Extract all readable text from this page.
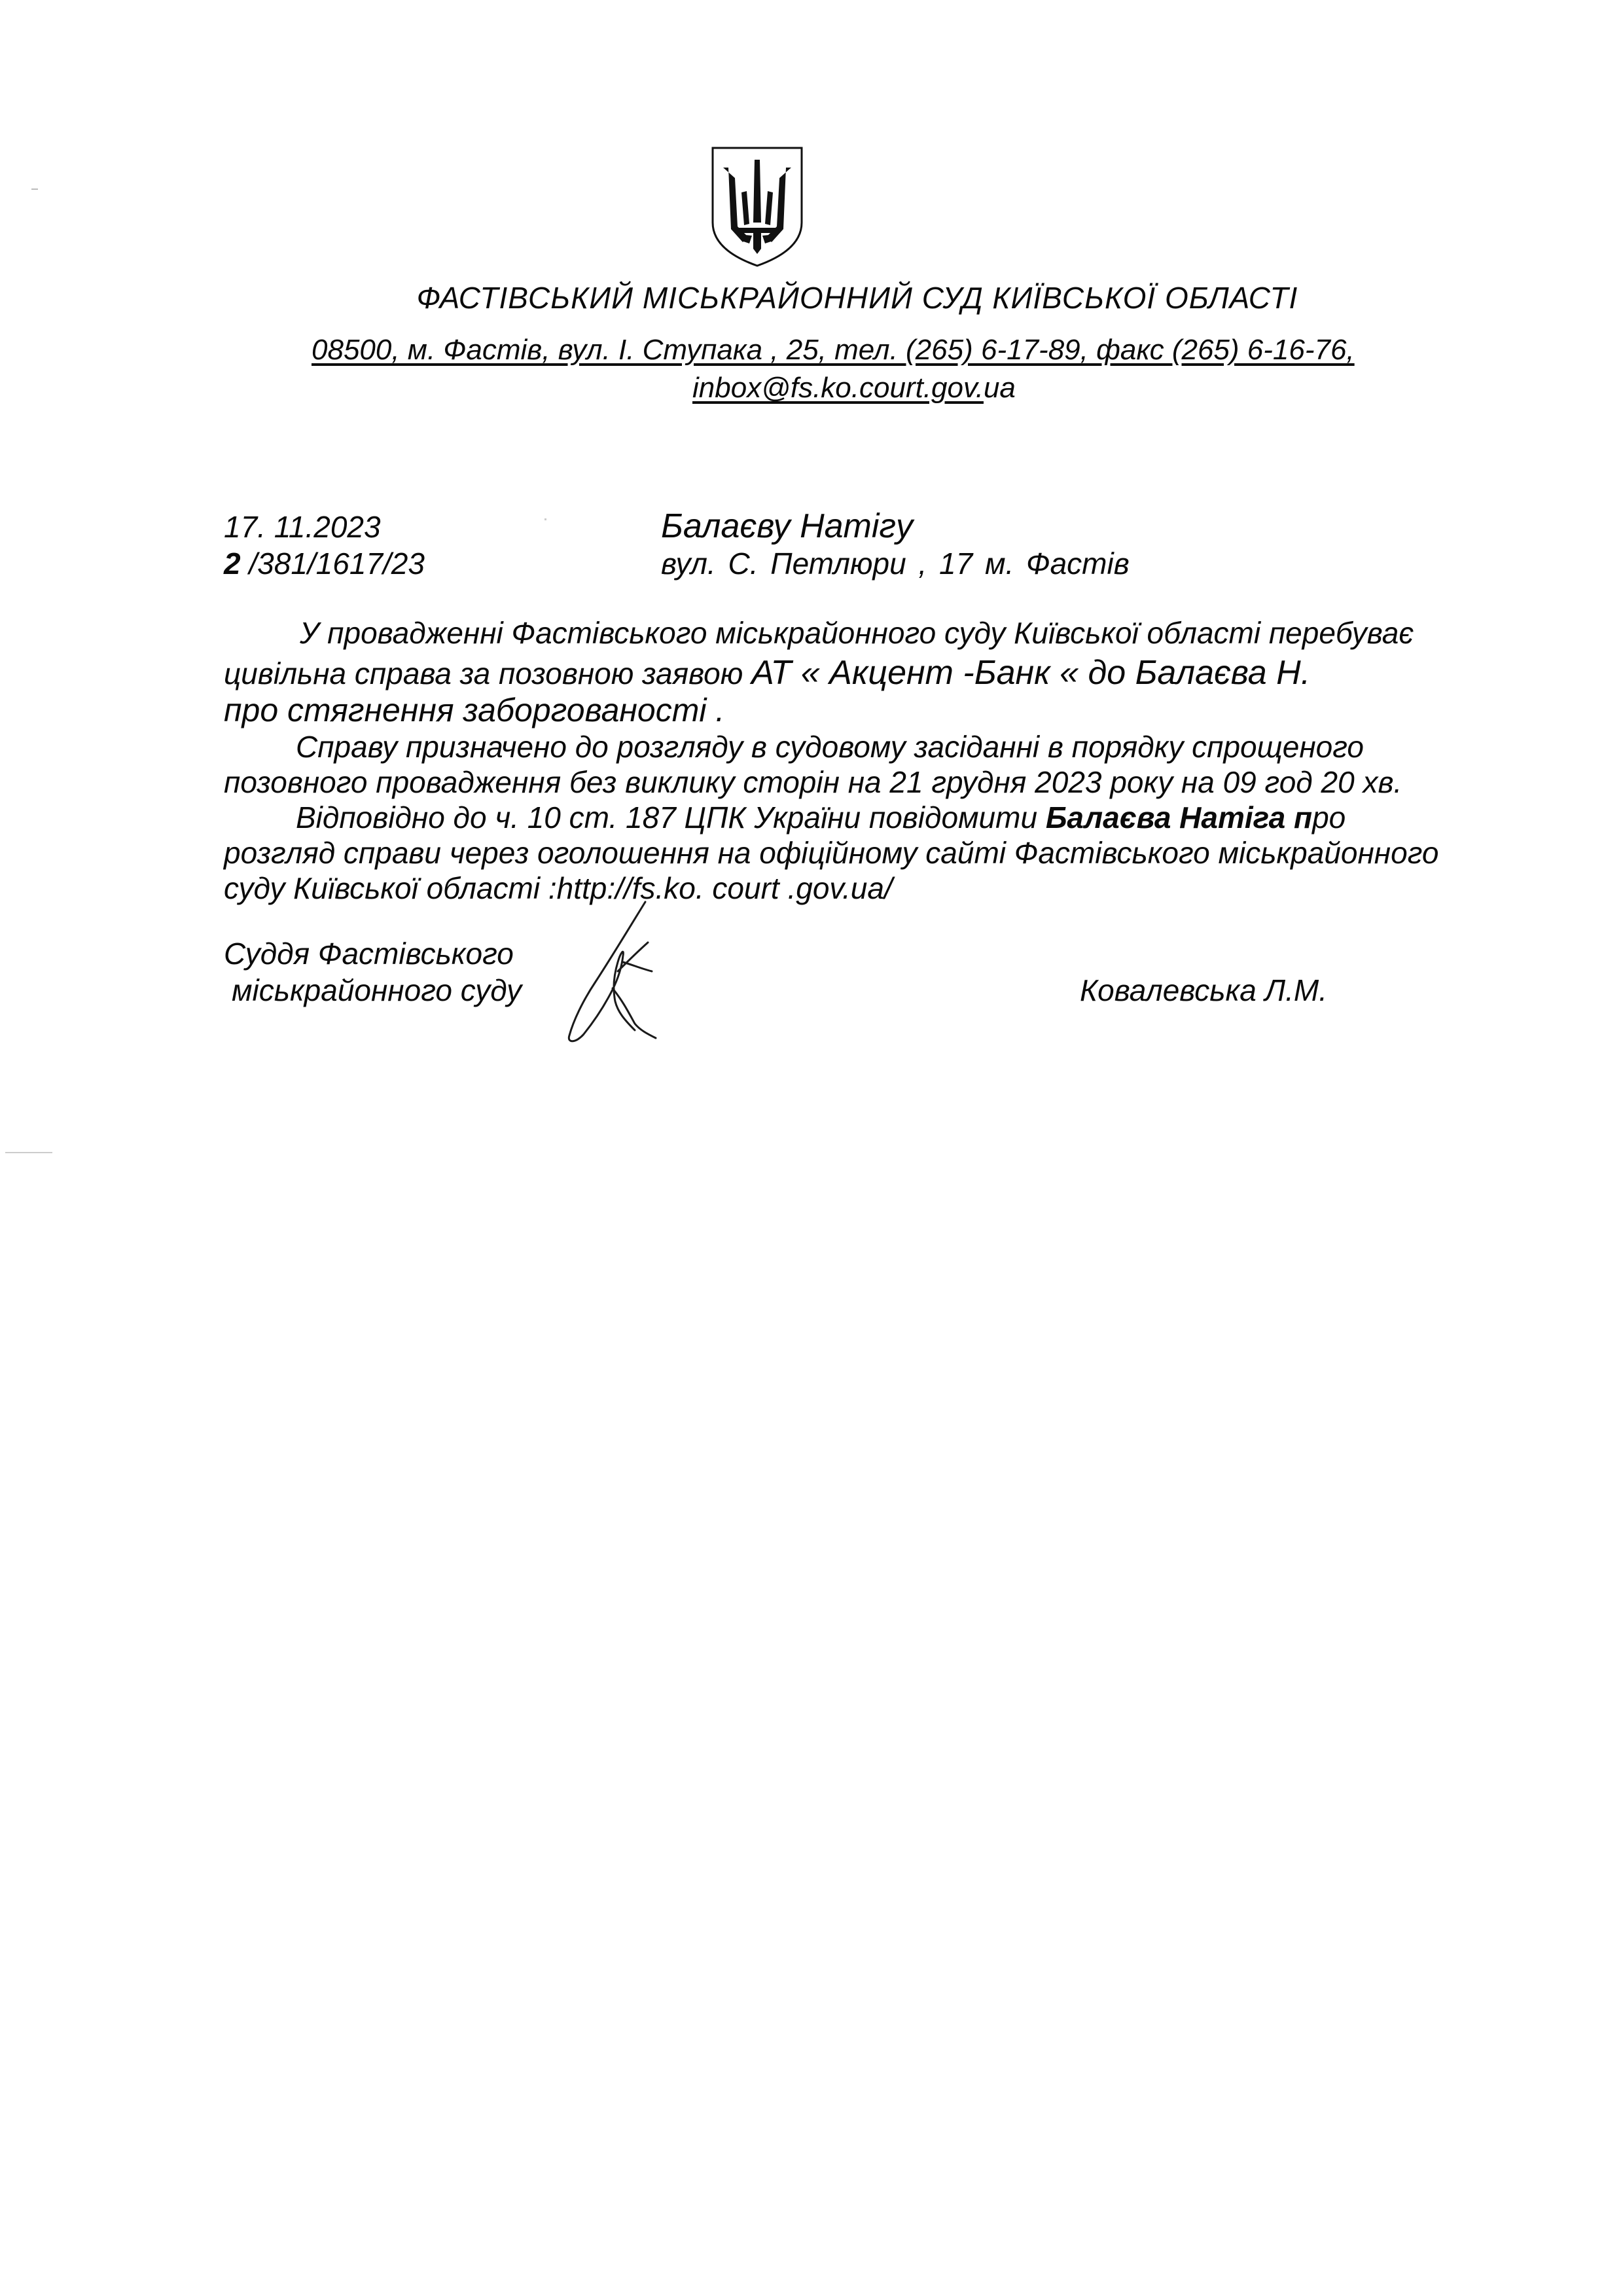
ФАСТІВСЬКИЙ МІСЬКРАЙОННИЙ СУД КИЇВСЬКОЇ ОБЛАСТІ
08500, м. Фастів, вул. І. Ступака , 25, тел. (265) 6-17-89, факс (265) 6-16-76,
inbox@fs.ko.court.gov.ua
17. 11.2023
2 /381/1617/23
Балаєву Натігу
вул. С. Петлюри , 17 м. Фастів
У провадженні Фастівського міськрайонного суду Київської області перебуває
цивільна справа за позовною заявою АТ « Акцент -Банк « до Балаєва Н.
про стягнення заборгованості .
Справу призначено до розгляду в судовому засіданні в порядку спрощеного
позовного провадження без виклику сторін на 21 грудня 2023 року на 09 год 20 хв.
Відповідно до ч. 10 ст. 187 ЦПК України повідомити Балаєва Натіга про
розгляд справи через оголошення на офіційному сайті Фастівського міськрайонного
суду Київської області :http://fs.ko. court .gov.ua/
Суддя Фастівського
міськрайонного суду	Ковалевська Л.М.
